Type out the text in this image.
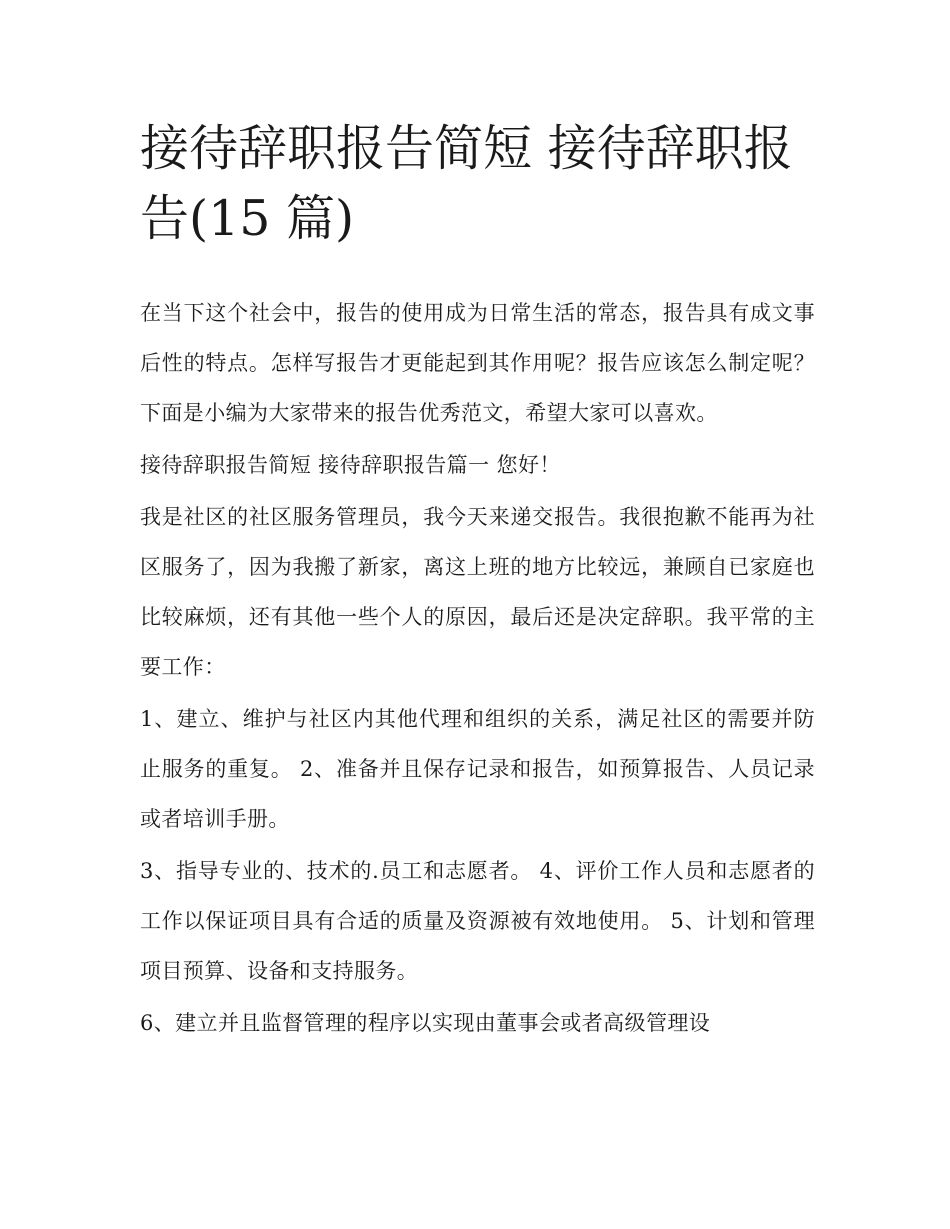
接待辞职报告简短 接待辞职报告(15 篇)

在当下这个社会中，报告的使用成为日常生活的常态，报告具有成文事后性的特点。怎样写报告才更能起到其作用呢？报告应该怎么制定呢？下面是小编为大家带来的报告优秀范文，希望大家可以喜欢。

接待辞职报告简短 接待辞职报告篇一 您好！

我是社区的社区服务管理员，我今天来递交报告。我很抱歉不能再为社区服务了，因为我搬了新家，离这上班的地方比较远，兼顾自已家庭也比较麻烦，还有其他一些个人的原因，最后还是决定辞职。我平常的主要工作：

1、建立、维护与社区内其他代理和组织的关系，满足社区的需要并防止服务的重复。 2、准备并且保存记录和报告，如预算报告、人员记录或者培训手册。

3、指导专业的、技术的.员工和志愿者。 4、评价工作人员和志愿者的工作以保证项目具有合适的质量及资源被有效地使用。 5、计划和管理项目预算、设备和支持服务。

6、建立并且监督管理的程序以实现由董事会或者高级管理设
